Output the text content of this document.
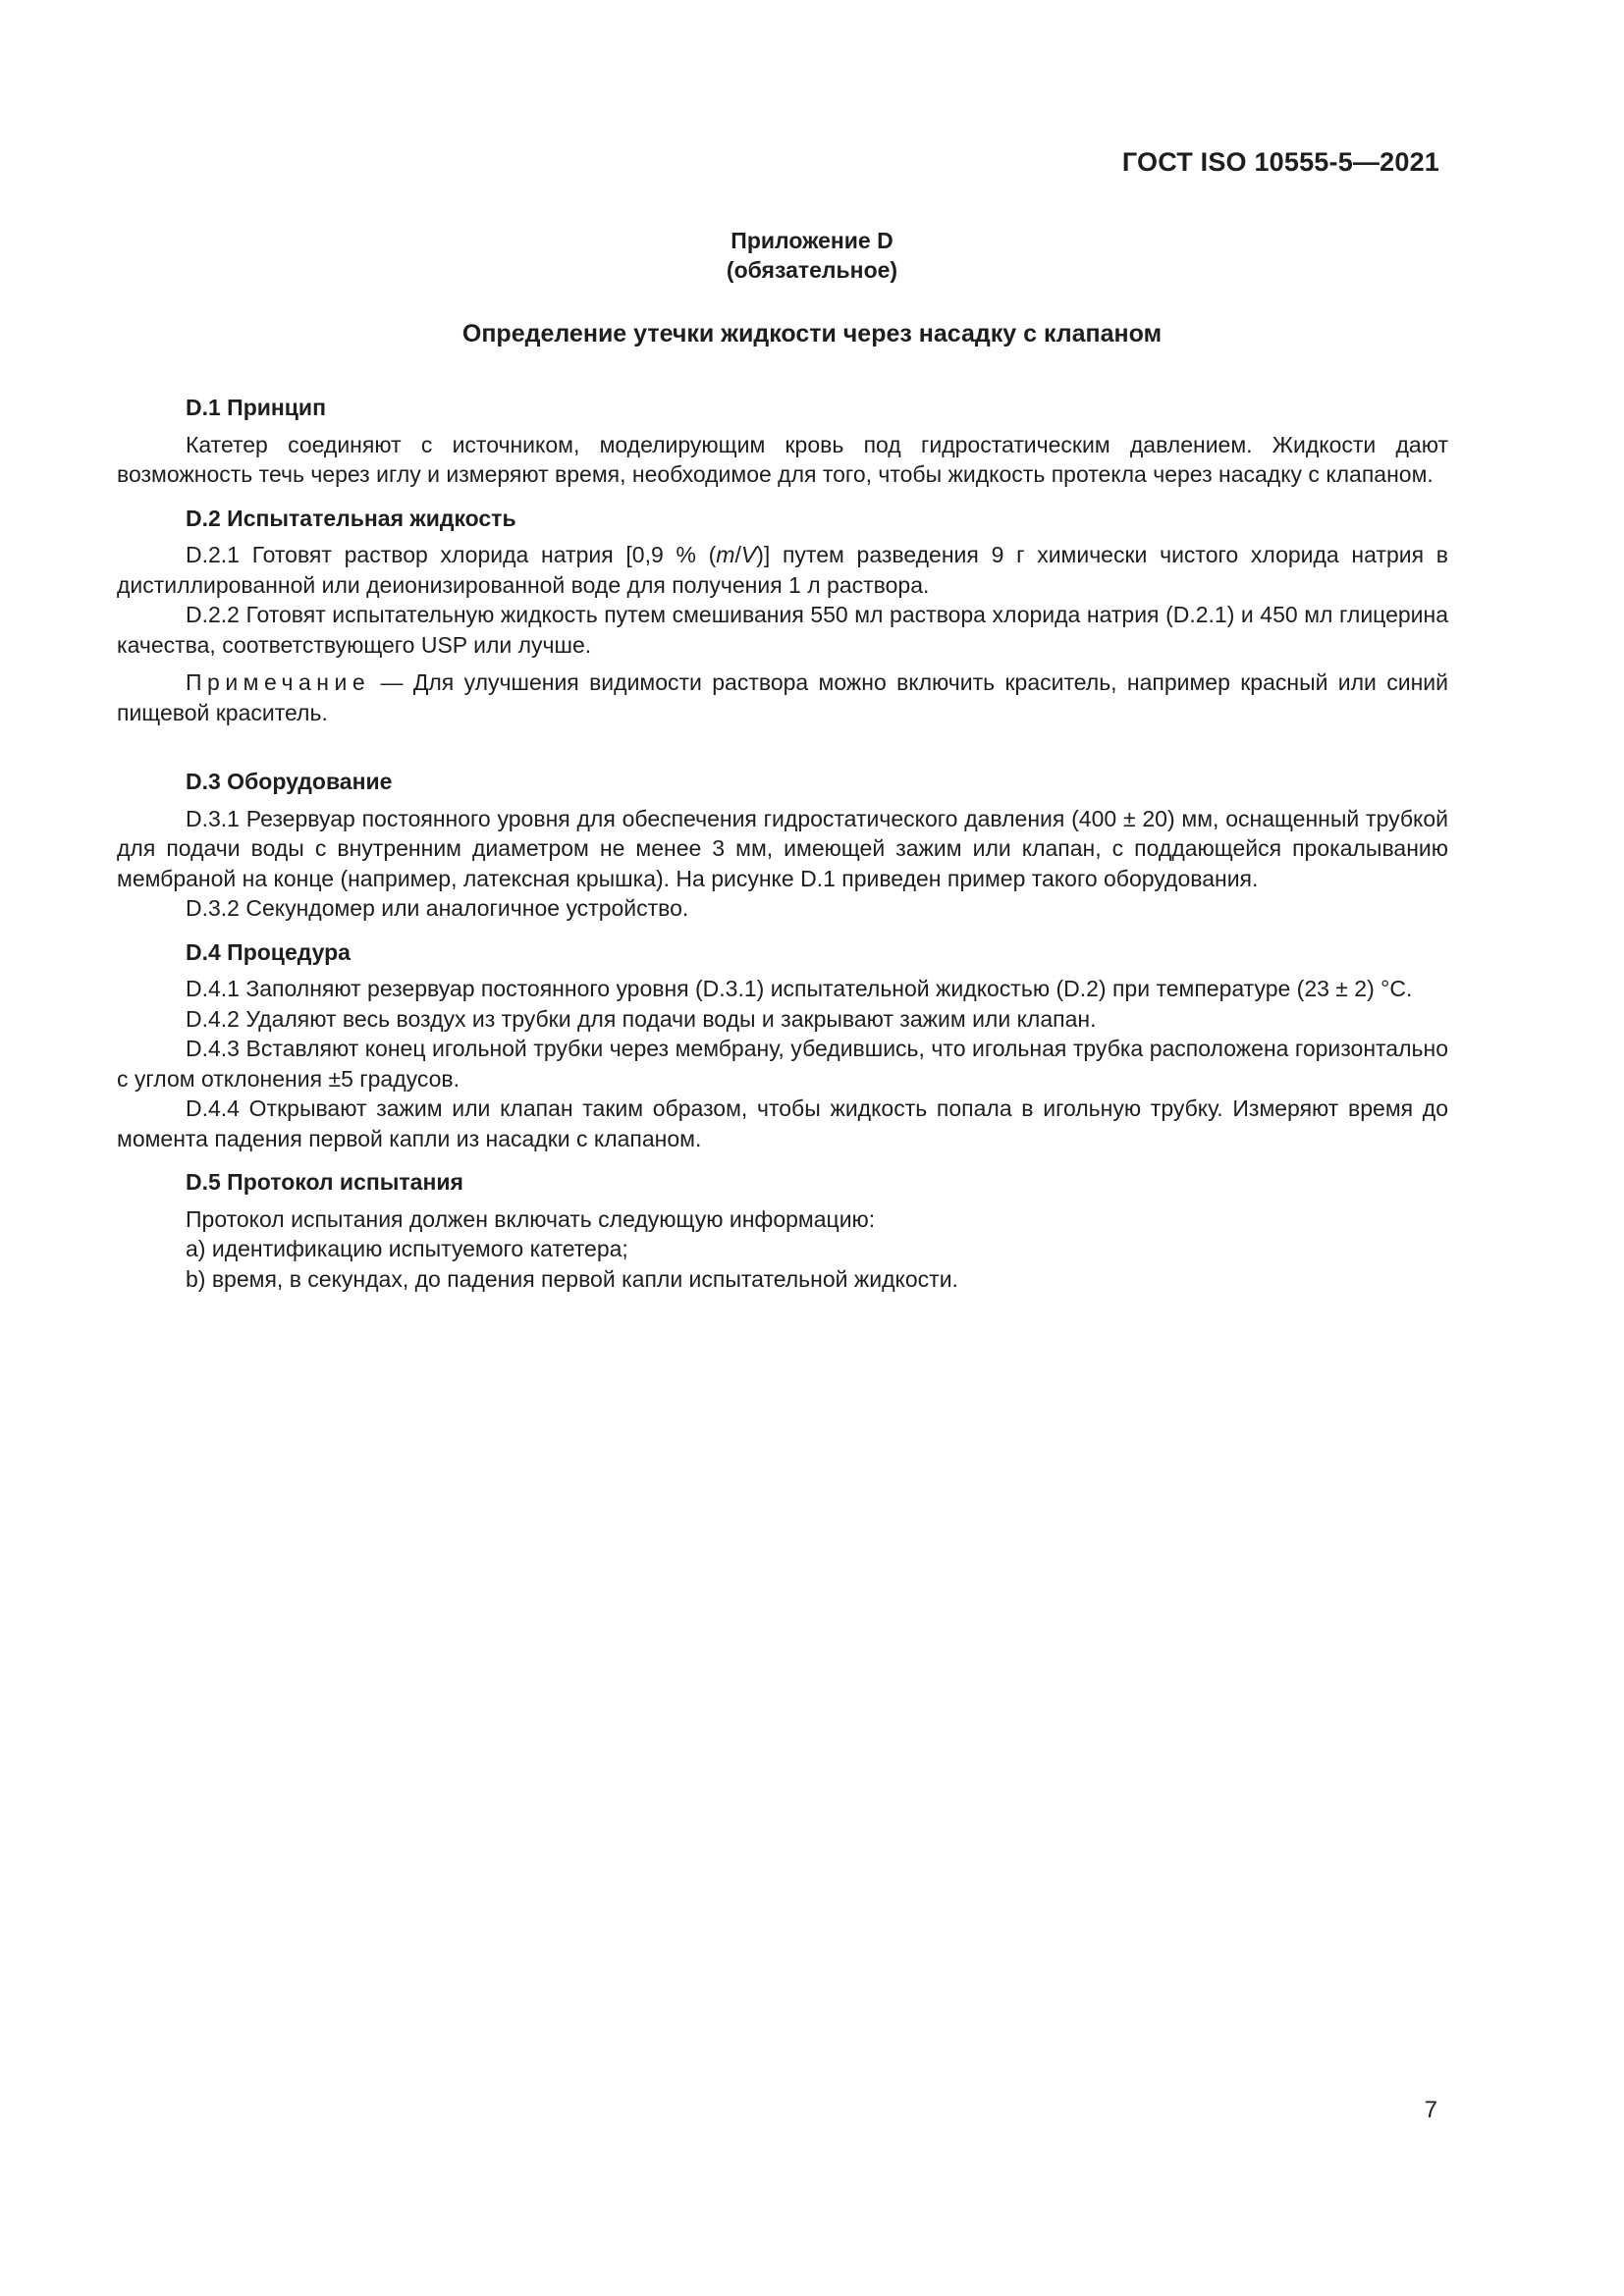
ГОСТ ISO 10555-5—2021
Приложение D
(обязательное)
Определение утечки жидкости через насадку с клапаном
D.1 Принцип

Катетер соединяют с источником, моделирующим кровь под гидростатическим давлением. Жидкости дают возможность течь через иглу и измеряют время, необходимое для того, чтобы жидкость протекла через насадку с клапаном.

D.2 Испытательная жидкость

D.2.1 Готовят раствор хлорида натрия [0,9 % (m/V)] путем разведения 9 г химически чистого хлорида натрия в дистиллированной или деионизированной воде для получения 1 л раствора.

D.2.2 Готовят испытательную жидкость путем смешивания 550 мл раствора хлорида натрия (D.2.1) и 450 мл глицерина качества, соответствующего USP или лучше.

Примечание — Для улучшения видимости раствора можно включить краситель, например красный или синий пищевой краситель.

D.3 Оборудование

D.3.1 Резервуар постоянного уровня для обеспечения гидростатического давления (400 ± 20) мм, оснащенный трубкой для подачи воды с внутренним диаметром не менее 3 мм, имеющей зажим или клапан, с поддающейся прокалыванию мембраной на конце (например, латексная крышка). На рисунке D.1 приведен пример такого оборудования.

D.3.2 Секундомер или аналогичное устройство.

D.4 Процедура

D.4.1 Заполняют резервуар постоянного уровня (D.3.1) испытательной жидкостью (D.2) при температуре (23 ± 2) °C.

D.4.2 Удаляют весь воздух из трубки для подачи воды и закрывают зажим или клапан.

D.4.3 Вставляют конец игольной трубки через мембрану, убедившись, что игольная трубка расположена горизонтально с углом отклонения ±5 градусов.

D.4.4 Открывают зажим или клапан таким образом, чтобы жидкость попала в игольную трубку. Измеряют время до момента падения первой капли из насадки с клапаном.

D.5 Протокол испытания

Протокол испытания должен включать следующую информацию:

a) идентификацию испытуемого катетера;

b) время, в секундах, до падения первой капли испытательной жидкости.

7
